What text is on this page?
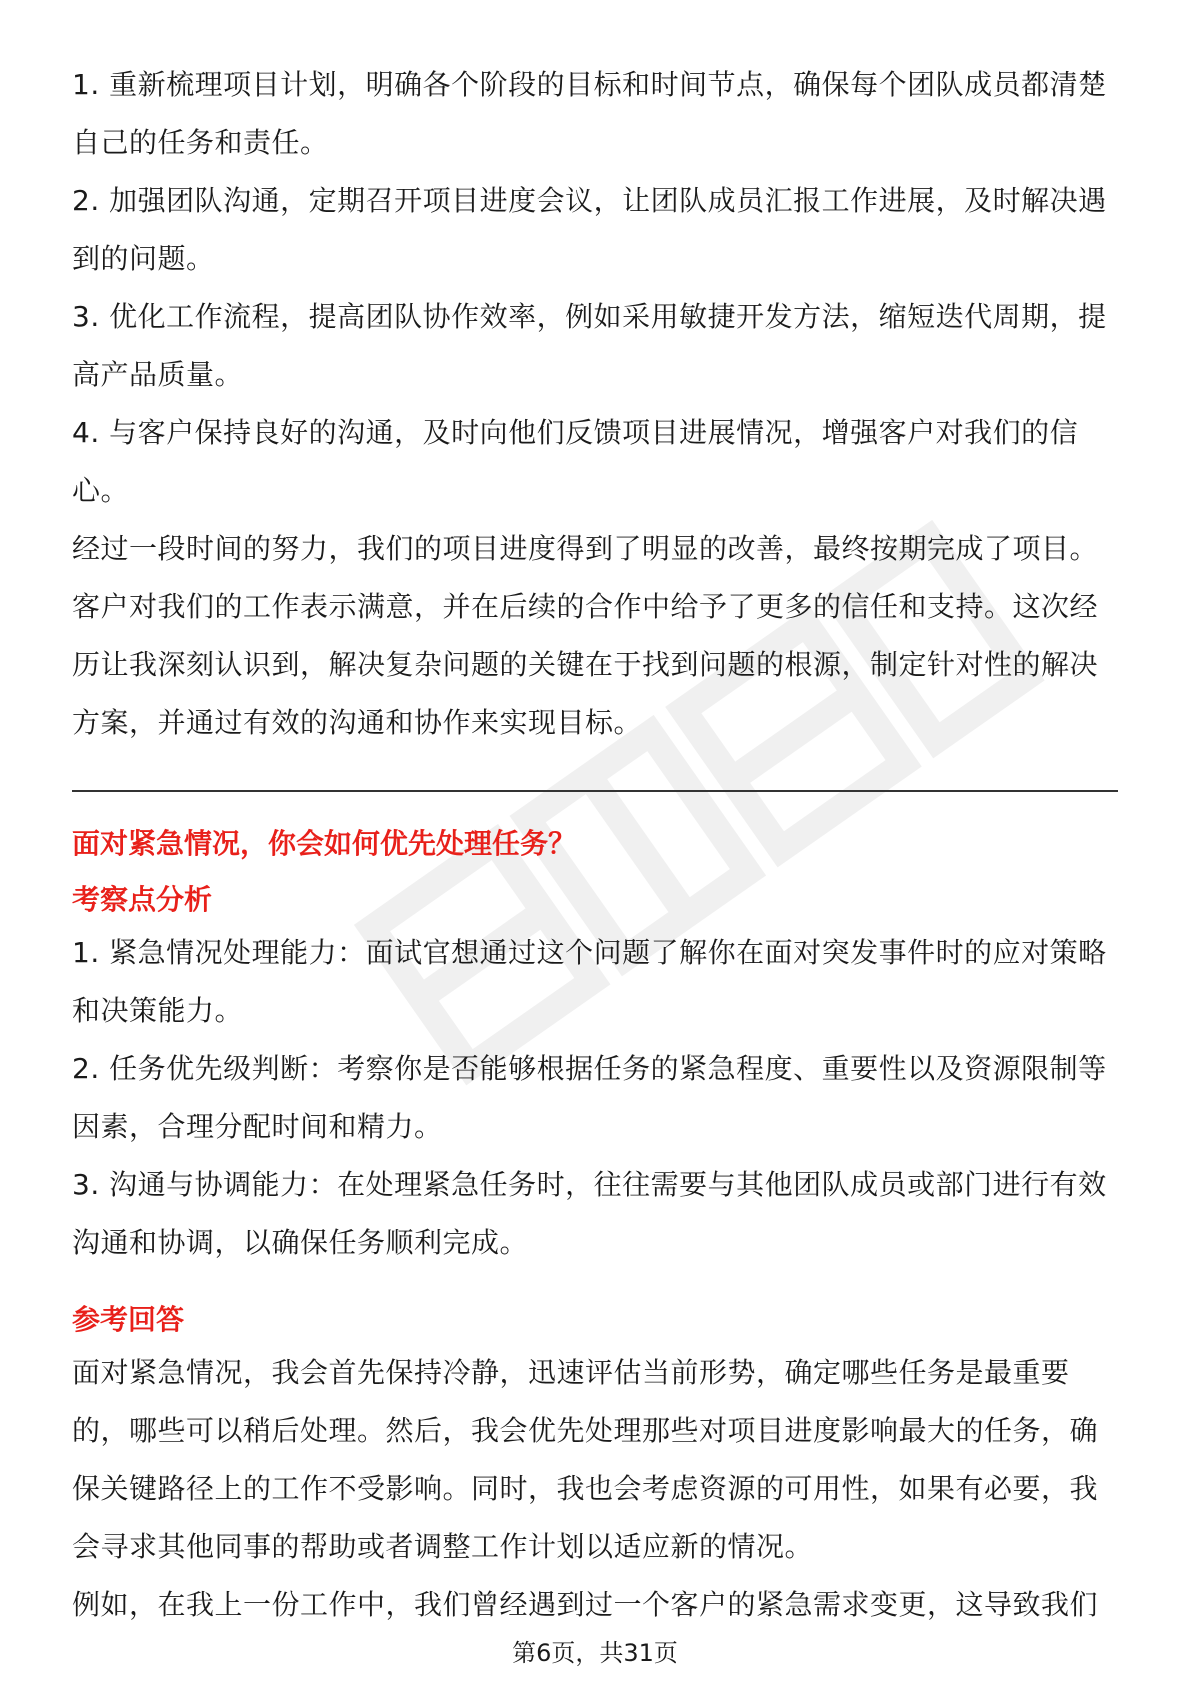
1. 重新梳理项目计划，明确各个阶段的目标和时间节点，确保每个团队成员都清楚自己的任务和责任。

2. 加强团队沟通，定期召开项目进度会议，让团队成员汇报工作进展，及时解决遇到的问题。

3. 优化工作流程，提高团队协作效率，例如采用敏捷开发方法，缩短迭代周期，提高产品质量。

4. 与客户保持良好的沟通，及时向他们反馈项目进展情况，增强客户对我们的信心。

经过一段时间的努力，我们的项目进度得到了明显的改善，最终按期完成了项目。客户对我们的工作表示满意，并在后续的合作中给予了更多的信任和支持。这次经历让我深刻认识到，解决复杂问题的关键在于找到问题的根源，制定针对性的解决方案，并通过有效的沟通和协作来实现目标。

面对紧急情况，你会如何优先处理任务？
考察点分析

1. 紧急情况处理能力：面试官想通过这个问题了解你在面对突发事件时的应对策略和决策能力。

2. 任务优先级判断：考察你是否能够根据任务的紧急程度、重要性以及资源限制等因素，合理分配时间和精力。

3. 沟通与协调能力：在处理紧急任务时，往往需要与其他团队成员或部门进行有效沟通和协调，以确保任务顺利完成。

参考回答

面对紧急情况，我会首先保持冷静，迅速评估当前形势，确定哪些任务是最重要的，哪些可以稍后处理。然后，我会优先处理那些对项目进度影响最大的任务，确保关键路径上的工作不受影响。同时，我也会考虑资源的可用性，如果有必要，我会寻求其他同事的帮助或者调整工作计划以适应新的情况。

例如，在我上一份工作中，我们曾经遇到过一个客户的紧急需求变更，这导致我们

第6页，共31页
